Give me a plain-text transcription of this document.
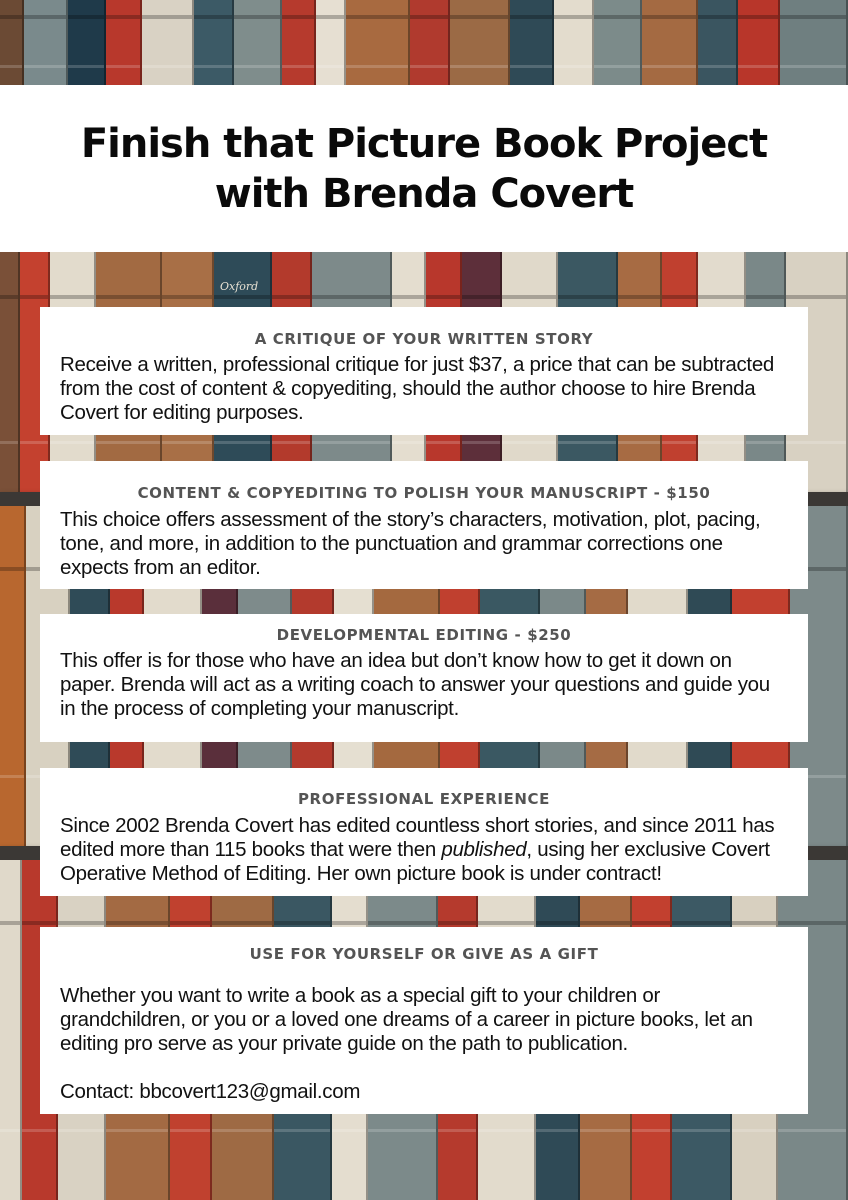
Oxford
Finish that Picture Book Project
with Brenda Covert
A CRITIQUE OF YOUR WRITTEN STORY

Receive a written, professional critique for just $37, a price that can be subtracted from the cost of content & copyediting, should the author choose to hire Brenda Covert for editing purposes.

CONTENT & COPYEDITING TO POLISH YOUR MANUSCRIPT - $150

This choice offers assessment of the story’s characters, motivation, plot, pacing, tone, and more, in addition to the punctuation and grammar corrections one expects from an editor.

DEVELOPMENTAL EDITING - $250

This offer is for those who have an idea but don’t know how to get it down on paper. Brenda will act as a writing coach to answer your questions and guide you in the process of completing your manuscript.

PROFESSIONAL EXPERIENCE

Since 2002 Brenda Covert has edited countless short stories, and since 2011 has edited more than 115 books that were then published, using her exclusive Covert Operative Method of Editing. Her own picture book is under contract!

USE FOR YOURSELF OR GIVE AS A GIFT

Whether you want to write a book as a special gift to your children or grandchildren, or you or a loved one dreams of a career in picture books, let an editing pro serve as your private guide on the path to publication.

Contact: bbcovert123@gmail.com
